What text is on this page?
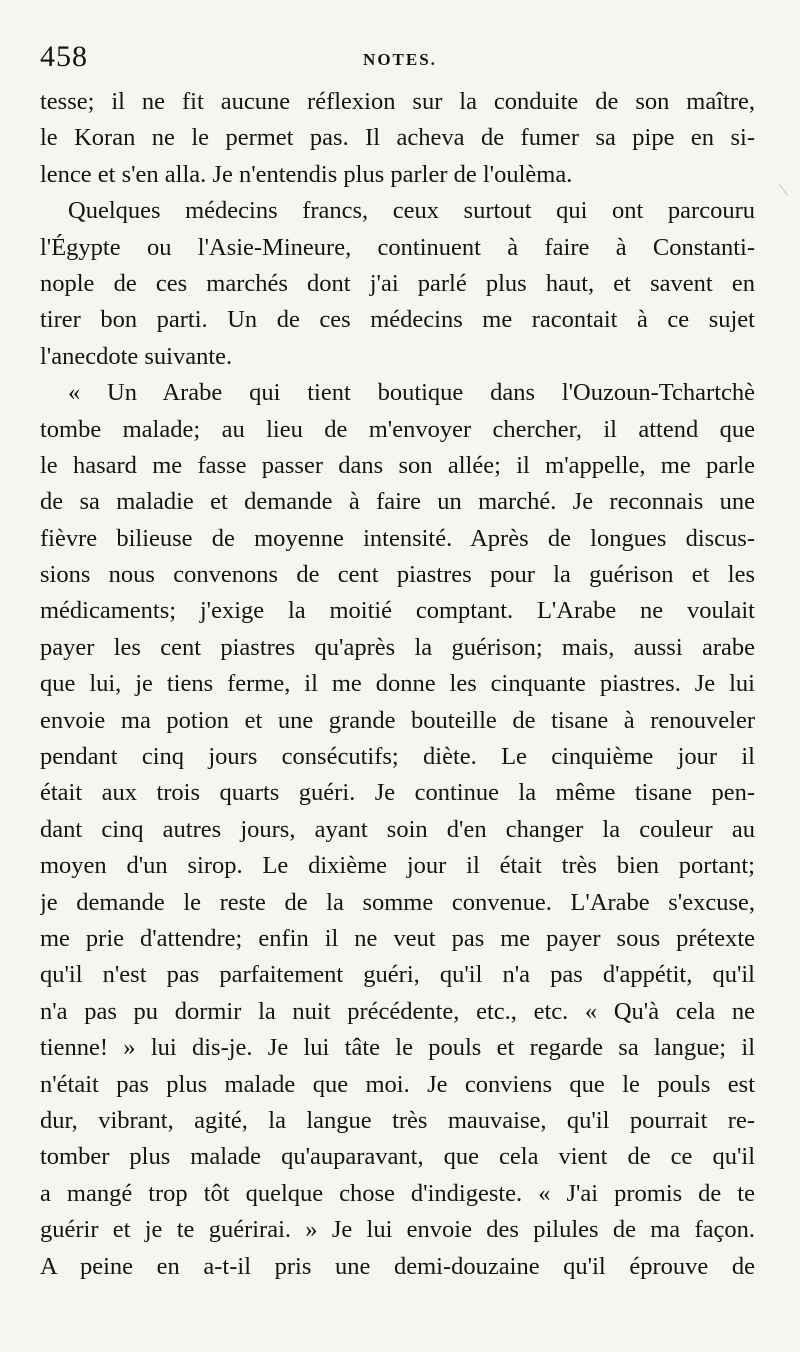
458	NOTES.
tesse; il ne fit aucune réflexion sur la conduite de son maître,
le Koran ne le permet pas. Il acheva de fumer sa pipe en si-
lence et s'en alla. Je n'entendis plus parler de l'oulèma.
Quelques médecins francs, ceux surtout qui ont parcouru
l'Égypte ou l'Asie-Mineure, continuent à faire à Constanti-
nople de ces marchés dont j'ai parlé plus haut, et savent en
tirer bon parti. Un de ces médecins me racontait à ce sujet
l'anecdote suivante.
« Un Arabe qui tient boutique dans l'Ouzoun-Tchartchè
tombe malade; au lieu de m'envoyer chercher, il attend que
le hasard me fasse passer dans son allée; il m'appelle, me parle
de sa maladie et demande à faire un marché. Je reconnais une
fièvre bilieuse de moyenne intensité. Après de longues discus-
sions nous convenons de cent piastres pour la guérison et les
médicaments; j'exige la moitié comptant. L'Arabe ne voulait
payer les cent piastres qu'après la guérison; mais, aussi arabe
que lui, je tiens ferme, il me donne les cinquante piastres. Je lui
envoie ma potion et une grande bouteille de tisane à renouveler
pendant cinq jours consécutifs; diète. Le cinquième jour il
était aux trois quarts guéri. Je continue la même tisane pen-
dant cinq autres jours, ayant soin d'en changer la couleur au
moyen d'un sirop. Le dixième jour il était très bien portant;
je demande le reste de la somme convenue. L'Arabe s'excuse,
me prie d'attendre; enfin il ne veut pas me payer sous prétexte
qu'il n'est pas parfaitement guéri, qu'il n'a pas d'appétit, qu'il
n'a pas pu dormir la nuit précédente, etc., etc. « Qu'à cela ne
tienne! » lui dis-je. Je lui tâte le pouls et regarde sa langue; il
n'était pas plus malade que moi. Je conviens que le pouls est
dur, vibrant, agité, la langue très mauvaise, qu'il pourrait re-
tomber plus malade qu'auparavant, que cela vient de ce qu'il
a mangé trop tôt quelque chose d'indigeste. « J'ai promis de te
guérir et je te guérirai. » Je lui envoie des pilules de ma façon.
A peine en a-t-il pris une demi-douzaine qu'il éprouve de
